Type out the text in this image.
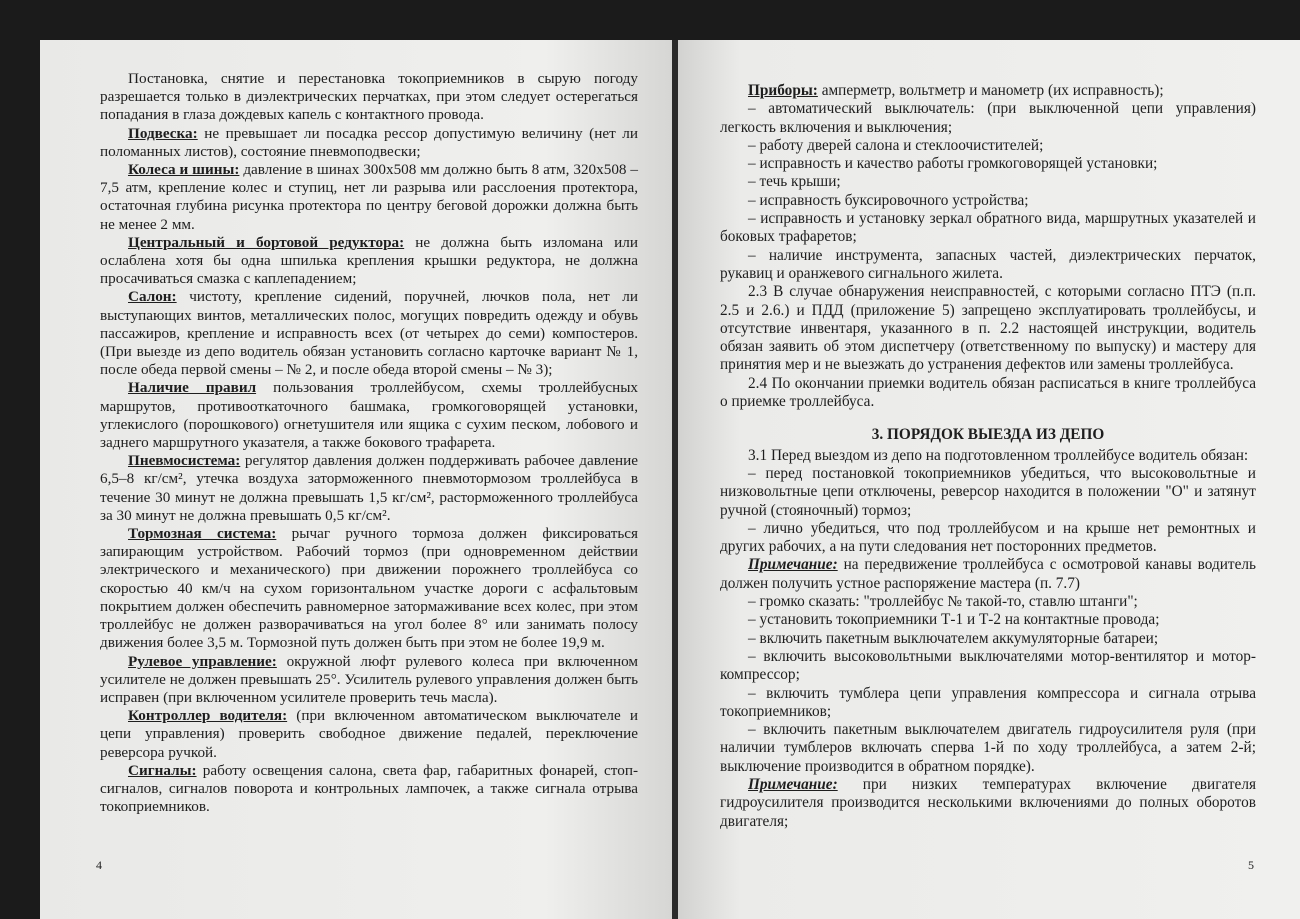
Постановка, снятие и перестановка токоприемников в сырую погоду разрешается только в диэлектрических перчатках, при этом следует остерегаться попадания в глаза дождевых капель с контактного провода.

Подвеска: не превышает ли посадка рессор допустимую величину (нет ли поломанных листов), состояние пневмоподвески;

Колеса и шины: давление в шинах 300х508 мм должно быть 8 атм, 320х508 – 7,5 атм, крепление колес и ступиц, нет ли разрыва или расслоения протектора, остаточная глубина рисунка протектора по центру беговой дорожки должна быть не менее 2 мм.

Центральный и бортовой редуктора: не должна быть изломана или ослаблена хотя бы одна шпилька крепления крышки редуктора, не должна просачиваться смазка с каплепадением;

Салон: чистоту, крепление сидений, поручней, лючков пола, нет ли выступающих винтов, металлических полос, могущих повредить одежду и обувь пассажиров, крепление и исправность всех (от четырех до семи) компостеров. (При выезде из депо водитель обязан установить согласно карточке вариант № 1, после обеда первой смены – № 2, и после обеда второй смены – № 3);

Наличие правил пользования троллейбусом, схемы троллейбусных маршрутов, противооткаточного башмака, громкоговорящей установки, углекислого (порошкового) огнетушителя или ящика с сухим песком, лобового и заднего маршрутного указателя, а также бокового трафарета.

Пневмосистема: регулятор давления должен поддерживать рабочее давление 6,5–8 кг/см², утечка воздуха заторможенного пневмотормозом троллейбуса в течение 30 минут не должна превышать 1,5 кг/см², расторможенного троллейбуса за 30 минут не должна превышать 0,5 кг/см².

Тормозная система: рычаг ручного тормоза должен фиксироваться запирающим устройством. Рабочий тормоз (при одновременном действии электрического и механического) при движении порожнего троллейбуса со скоростью 40 км/ч на сухом горизонтальном участке дороги с асфальтовым покрытием должен обеспечить равномерное затормаживание всех колес, при этом троллейбус не должен разворачиваться на угол более 8° или занимать полосу движения более 3,5 м. Тормозной путь должен быть при этом не более 19,9 м.

Рулевое управление: окружной люфт рулевого колеса при включенном усилителе не должен превышать 25°. Усилитель рулевого управления должен быть исправен (при включенном усилителе проверить течь масла).

Контроллер водителя: (при включенном автоматическом выключателе и цепи управления) проверить свободное движение педалей, переключение реверсора ручкой.

Сигналы: работу освещения салона, света фар, габаритных фонарей, стоп-сигналов, сигналов поворота и контрольных лампочек, а также сигнала отрыва токоприемников.

4

Приборы: амперметр, вольтметр и манометр (их исправность);

– автоматический выключатель: (при выключенной цепи управления) легкость включения и выключения;

– работу дверей салона и стеклоочистителей;

– исправность и качество работы громкоговорящей установки;

– течь крыши;

– исправность буксировочного устройства;

– исправность и установку зеркал обратного вида, маршрутных указателей и боковых трафаретов;

– наличие инструмента, запасных частей, диэлектрических перчаток, рукавиц и оранжевого сигнального жилета.

2.3 В случае обнаружения неисправностей, с которыми согласно ПТЭ (п.п. 2.5 и 2.6.) и ПДД (приложение 5) запрещено эксплуатировать троллейбусы, и отсутствие инвентаря, указанного в п. 2.2 настоящей инструкции, водитель обязан заявить об этом диспетчеру (ответственному по выпуску) и мастеру для принятия мер и не выезжать до устранения дефектов или замены троллейбуса.

2.4 По окончании приемки водитель обязан расписаться в книге троллейбуса о приемке троллейбуса.

3. ПОРЯДОК ВЫЕЗДА ИЗ ДЕПО

3.1 Перед выездом из депо на подготовленном троллейбусе водитель обязан:

– перед постановкой токоприемников убедиться, что высоковольтные и низковольтные цепи отключены, реверсор находится в положении "О" и затянут ручной (стояночный) тормоз;

– лично убедиться, что под троллейбусом и на крыше нет ремонтных и других рабочих, а на пути следования нет посторонних предметов.

Примечание: на передвижение троллейбуса с осмотровой канавы водитель должен получить устное распоряжение мастера (п. 7.7)

– громко сказать: "троллейбус № такой-то, ставлю штанги";

– установить токоприемники Т-1 и Т-2 на контактные провода;

– включить пакетным выключателем аккумуляторные батареи;

– включить высоковольтными выключателями мотор-вентилятор и мотор-компрессор;

– включить тумблера цепи управления компрессора и сигнала отрыва токоприемников;

– включить пакетным выключателем двигатель гидроусилителя руля (при наличии тумблеров включать сперва 1-й по ходу троллейбуса, а затем 2-й; выключение производится в обратном порядке).

Примечание: при низких температурах включение двигателя гидроусилителя производится несколькими включениями до полных оборотов двигателя;

5
